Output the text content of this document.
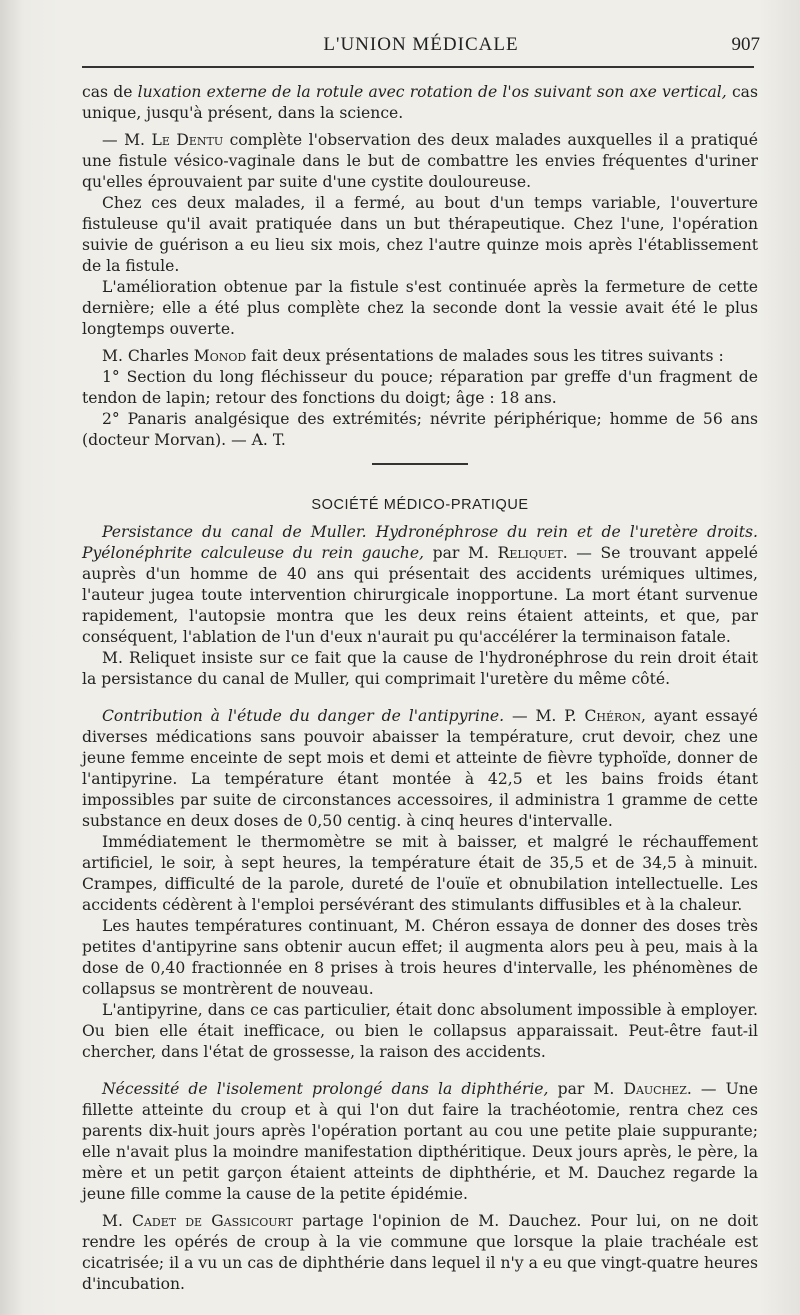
L'UNION MÉDICALE	907

cas de luxation externe de la rotule avec rotation de l'os suivant son axe vertical, cas unique, jusqu'à présent, dans la science.

— M. Le Dentu complète l'observation des deux malades auxquelles il a pratiqué une fistule vésico-vaginale dans le but de combattre les envies fréquentes d'uriner qu'elles éprouvaient par suite d'une cystite douloureuse.

Chez ces deux malades, il a fermé, au bout d'un temps variable, l'ouverture fistuleuse qu'il avait pratiquée dans un but thérapeutique. Chez l'une, l'opération suivie de guérison a eu lieu six mois, chez l'autre quinze mois après l'établissement de la fistule.

L'amélioration obtenue par la fistule s'est continuée après la fermeture de cette dernière; elle a été plus complète chez la seconde dont la vessie avait été le plus longtemps ouverte.

M. Charles Monod fait deux présentations de malades sous les titres suivants :

1° Section du long fléchisseur du pouce; réparation par greffe d'un fragment de tendon de lapin; retour des fonctions du doigt; âge : 18 ans.

2° Panaris analgésique des extrémités; névrite périphérique; homme de 56 ans (docteur Morvan). — A. T.

SOCIÉTÉ MÉDICO-PRATIQUE

Persistance du canal de Muller. Hydronéphrose du rein et de l'uretère droits. Pyélonéphrite calculeuse du rein gauche, par M. Reliquet. — Se trouvant appelé auprès d'un homme de 40 ans qui présentait des accidents urémiques ultimes, l'auteur jugea toute intervention chirurgicale inopportune. La mort étant survenue rapidement, l'autopsie montra que les deux reins étaient atteints, et que, par conséquent, l'ablation de l'un d'eux n'aurait pu qu'accélérer la terminaison fatale.

M. Reliquet insiste sur ce fait que la cause de l'hydronéphrose du rein droit était la persistance du canal de Muller, qui comprimait l'uretère du même côté.

Contribution à l'étude du danger de l'antipyrine. — M. P. Chéron, ayant essayé diverses médications sans pouvoir abaisser la température, crut devoir, chez une jeune femme enceinte de sept mois et demi et atteinte de fièvre typhoïde, donner de l'antipyrine. La température étant montée à 42,5 et les bains froids étant impossibles par suite de circonstances accessoires, il administra 1 gramme de cette substance en deux doses de 0,50 centig. à cinq heures d'intervalle.

Immédiatement le thermomètre se mit à baisser, et malgré le réchauffement artificiel, le soir, à sept heures, la température était de 35,5 et de 34,5 à minuit. Crampes, difficulté de la parole, dureté de l'ouïe et obnubilation intellectuelle. Les accidents cédèrent à l'emploi persévérant des stimulants diffusibles et à la chaleur.

Les hautes températures continuant, M. Chéron essaya de donner des doses très petites d'antipyrine sans obtenir aucun effet; il augmenta alors peu à peu, mais à la dose de 0,40 fractionnée en 8 prises à trois heures d'intervalle, les phénomènes de collapsus se montrèrent de nouveau.

L'antipyrine, dans ce cas particulier, était donc absolument impossible à employer. Ou bien elle était inefficace, ou bien le collapsus apparaissait. Peut-être faut-il chercher, dans l'état de grossesse, la raison des accidents.

Nécessité de l'isolement prolongé dans la diphthérie, par M. Dauchez. — Une fillette atteinte du croup et à qui l'on dut faire la trachéotomie, rentra chez ces parents dix-huit jours après l'opération portant au cou une petite plaie suppurante; elle n'avait plus la moindre manifestation dipthéritique. Deux jours après, le père, la mère et un petit garçon étaient atteints de diphthérie, et M. Dauchez regarde la jeune fille comme la cause de la petite épidémie.

M. Cadet de Gassicourt partage l'opinion de M. Dauchez. Pour lui, on ne doit rendre les opérés de croup à la vie commune que lorsque la plaie trachéale est cicatrisée; il a vu un cas de diphthérie dans lequel il n'y a eu que vingt-quatre heures d'incubation.
